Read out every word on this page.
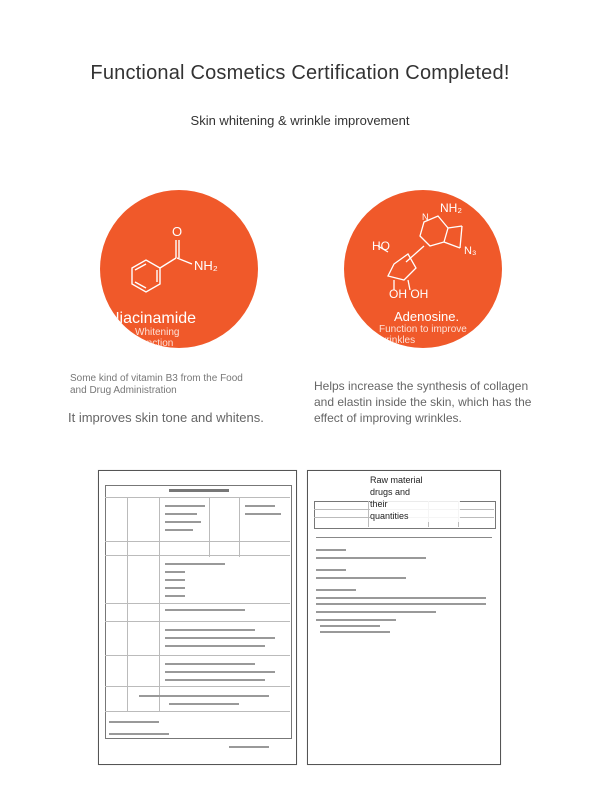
Functional Cosmetics Certification Completed!
Skin whitening & wrinkle improvement
O
NH₂
Niacinamide
Whitening
Function
NH₂
N₃
N
HO
OH OH
Adenosine.
Function to improve
wrinkles
Some kind of vitamin B3 from the Food and Drug Administration
It improves skin tone and whitens.
Helps increase the synthesis of collagen and elastin inside the skin, which has the effect of improving wrinkles.
Raw material
drugs and
their
quantities
